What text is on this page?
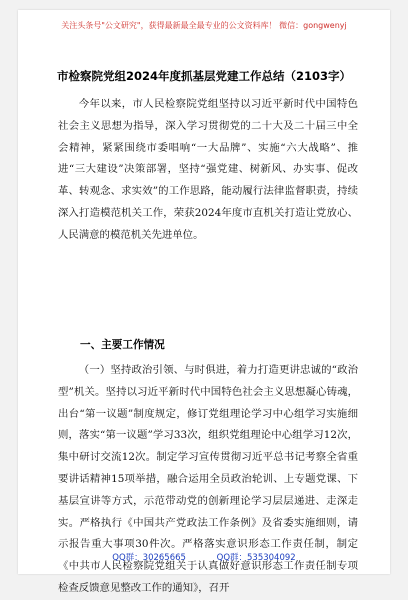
关注头条号"公文研究"，获得最新最全最专业的公文资料库！ 微信：gongwenyj
市检察院党组2024年度抓基层党建工作总结（2103字）
今年以来，市人民检察院党组坚持以习近平新时代中国特色社会主义思想为指导，深入学习贯彻党的二十大及二十届三中全会精神，紧紧围绕市委唱响“一大品牌”、实施“六大战略”、推进“三大建设”决策部署，坚持“强党建、树新风、办实事、促改革、转观念、求实效”的工作思路，能动履行法律监督职责，持续深入打造模范机关工作，荣获2024年度市直机关打造让党放心、人民满意的模范机关先进单位。
一、主要工作情况
（一）坚持政治引领、与时俱进，着力打造更讲忠诚的“政治型”机关。坚持以习近平新时代中国特色社会主义思想凝心铸魂，出台“第一议题”制度规定，修订党组理论学习中心组学习实施细则，落实“第一议题”学习33次，组织党组理论中心组学习12次，集中研讨交流12次。制定学习宣传贯彻习近平总书记考察全省重要讲话精神15项举措，融合运用全员政治轮训、上专题党课、下基层宣讲等方式，示范带动党的创新理论学习层层递进、走深走实。严格执行《中国共产党政法工作条例》及省委实施细则，请示报告重大事项30件次。严格落实意识形态工作责任制，制定《中共市人民检察院党组关于认真做好意识形态工作责任制专项检查反馈意见整改工作的通知》，召开
QQ群：30265665	QQ群：535304092
